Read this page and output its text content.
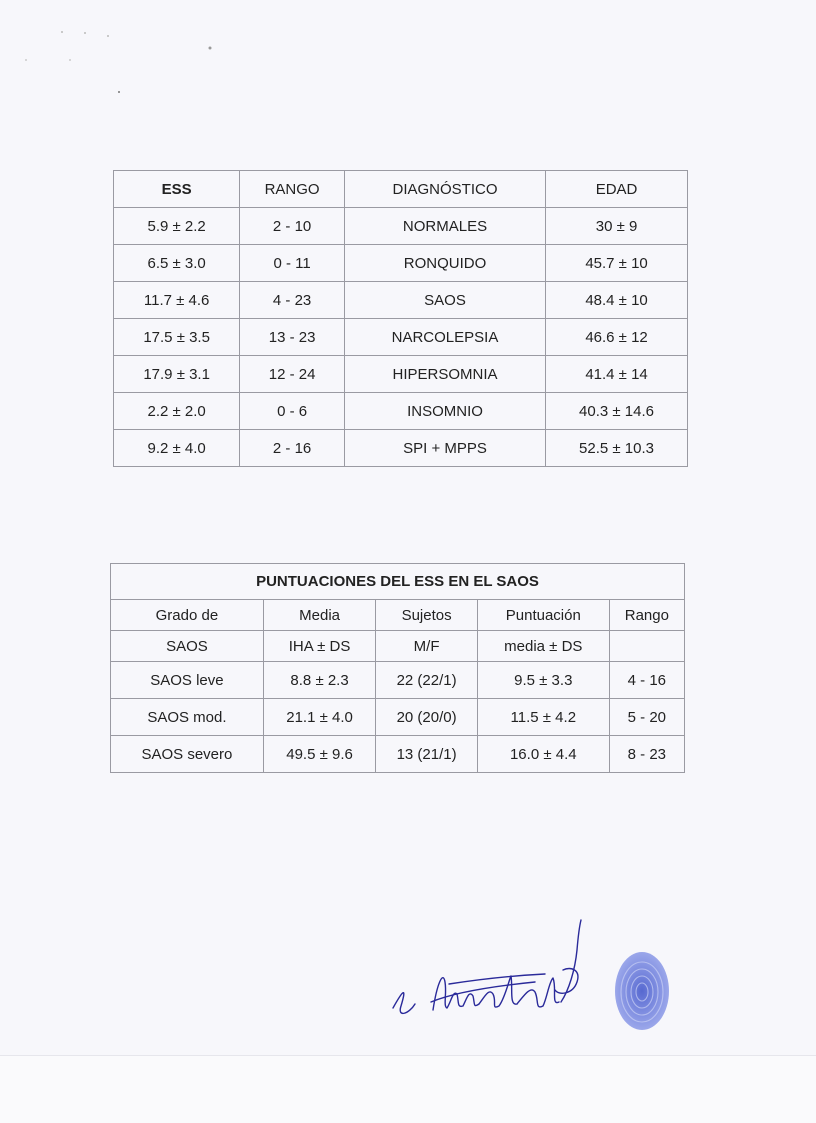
ESS	RANGO	DIAGNÓSTICO	EDAD
5.9 ± 2.2	2 - 10	NORMALES	30 ± 9
6.5 ± 3.0	0 - 11	RONQUIDO	45.7 ± 10
11.7 ± 4.6	4 - 23	SAOS	48.4 ± 10
17.5 ± 3.5	13 - 23	NARCOLEPSIA	46.6 ± 12
17.9 ± 3.1	12 - 24	HIPERSOMNIA	41.4 ± 14
2.2 ± 2.0	0 - 6	INSOMNIO	40.3 ± 14.6
9.2 ± 4.0	2 - 16	SPI + MPPS	52.5 ± 10.3
PUNTUACIONES DEL ESS EN EL SAOS				
Grado de	Media	Sujetos	Puntuación	Rango
SAOS	IHA ± DS	M/F	media ± DS	
SAOS leve	8.8 ± 2.3	22 (22/1)	9.5 ± 3.3	4 - 16
SAOS mod.	21.1 ± 4.0	20 (20/0)	11.5 ± 4.2	5 - 20
SAOS severo	49.5 ± 9.6	13 (21/1)	16.0 ± 4.4	8 - 23
